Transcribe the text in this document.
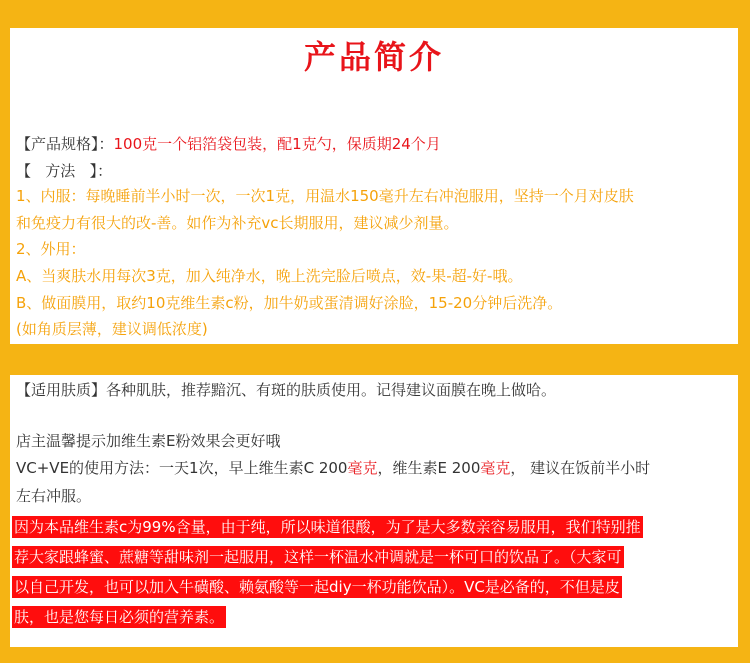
产品简介
【产品规格】：100克一个铝箔袋包装，配1克勺，保质期24个月
【   方法   】：
1、内服：每晚睡前半小时一次，一次1克，用温水150毫升左右冲泡服用，坚持一个月对皮肤
和免疫力有很大的改-善。如作为补充vc长期服用，建议减少剂量。
2、外用：
A、当爽肤水用每次3克，加入纯净水，晚上洗完脸后喷点，效-果-超-好-哦。
B、做面膜用，取约10克维生素c粉，加牛奶或蛋清调好涂脸，15-20分钟后洗净。
(如角质层薄，建议调低浓度)
【适用肤质】各种肌肤，推荐黯沉、有斑的肤质使用。记得建议面膜在晚上做哈。
店主温馨提示加维生素E粉效果会更好哦
VC+VE的使用方法：一天1次，早上维生素C 200毫克，维生素E 200毫克， 建议在饭前半小时
左右冲服。
因为本品维生素c为99%含量，由于纯，所以味道很酸，为了是大多数亲容易服用，我们特别推
荐大家跟蜂蜜、蔗糖等甜味剂一起服用，这样一杯温水冲调就是一杯可口的饮品了。（大家可
以自己开发，也可以加入牛磺酸、赖氨酸等一起diy一杯功能饮品）。VC是必备的，不但是皮
肤，也是您每日必须的营养素。
